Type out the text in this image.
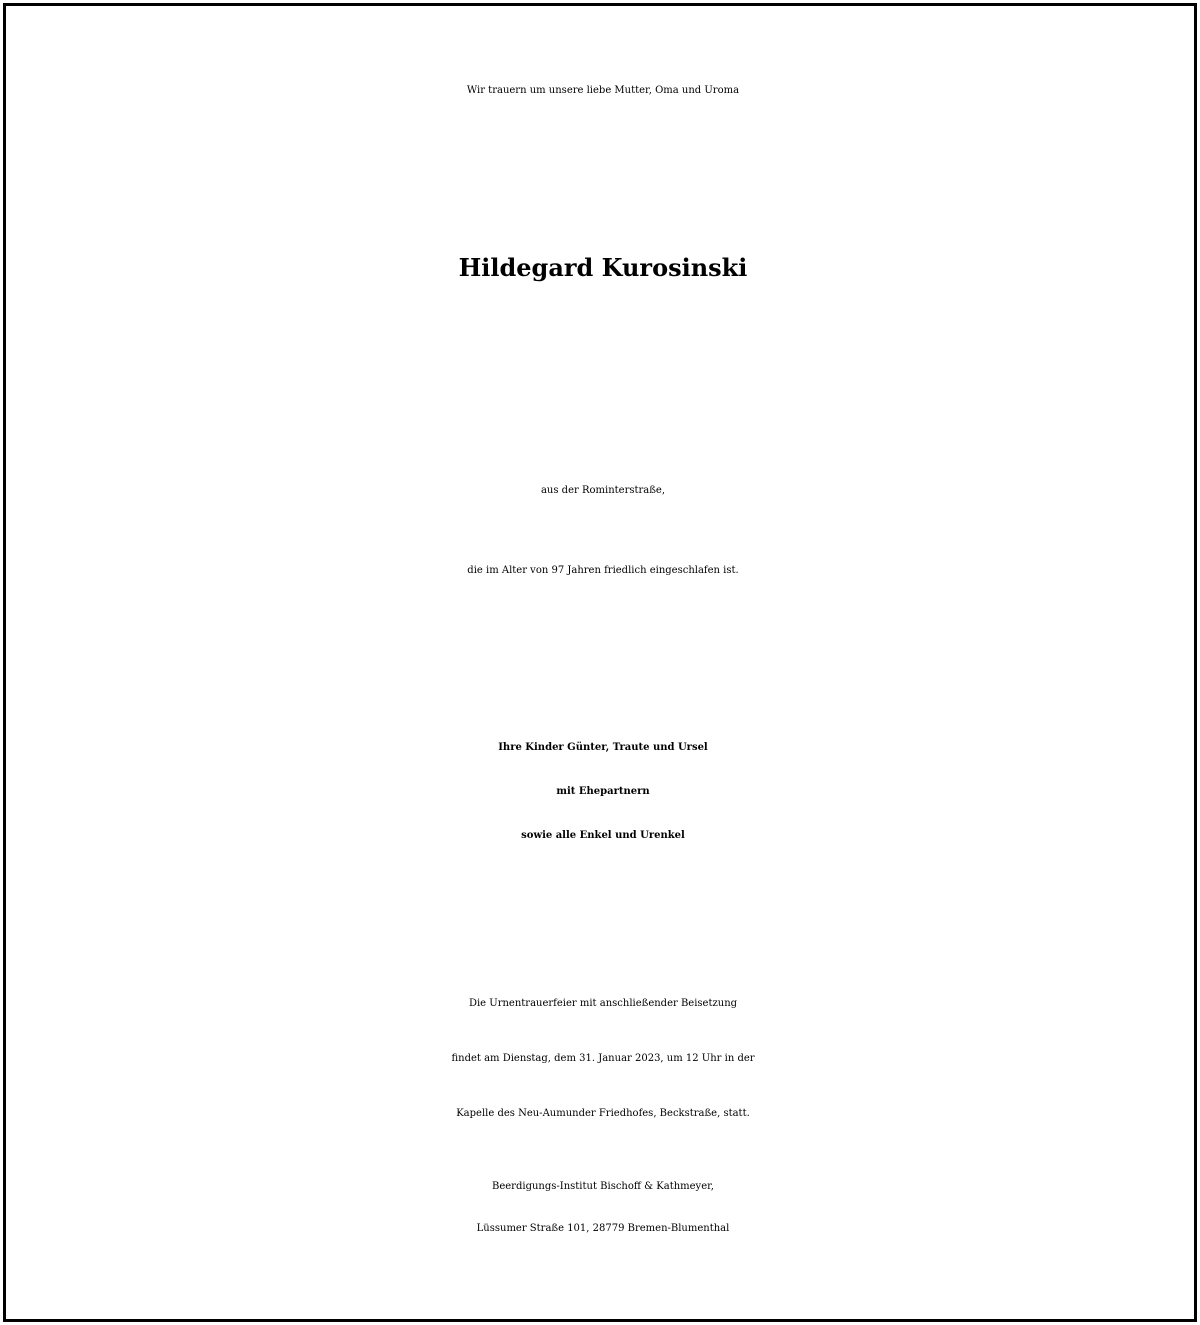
Wir trauern um unsere liebe Mutter, Oma und Uroma
Hildegard Kurosinski
aus der Rominterstraße,
die im Alter von 97 Jahren friedlich eingeschlafen ist.
Ihre Kinder Günter, Traute und Ursel
mit Ehepartnern
sowie alle Enkel und Urenkel
Die Urnentrauerfeier mit anschließender Beisetzung
findet am Dienstag, dem 31. Januar 2023, um 12 Uhr in der
Kapelle des Neu-Aumunder Friedhofes, Beckstraße, statt.
Beerdigungs-Institut Bischoff & Kathmeyer,
Lüssumer Straße 101, 28779 Bremen-Blumenthal
